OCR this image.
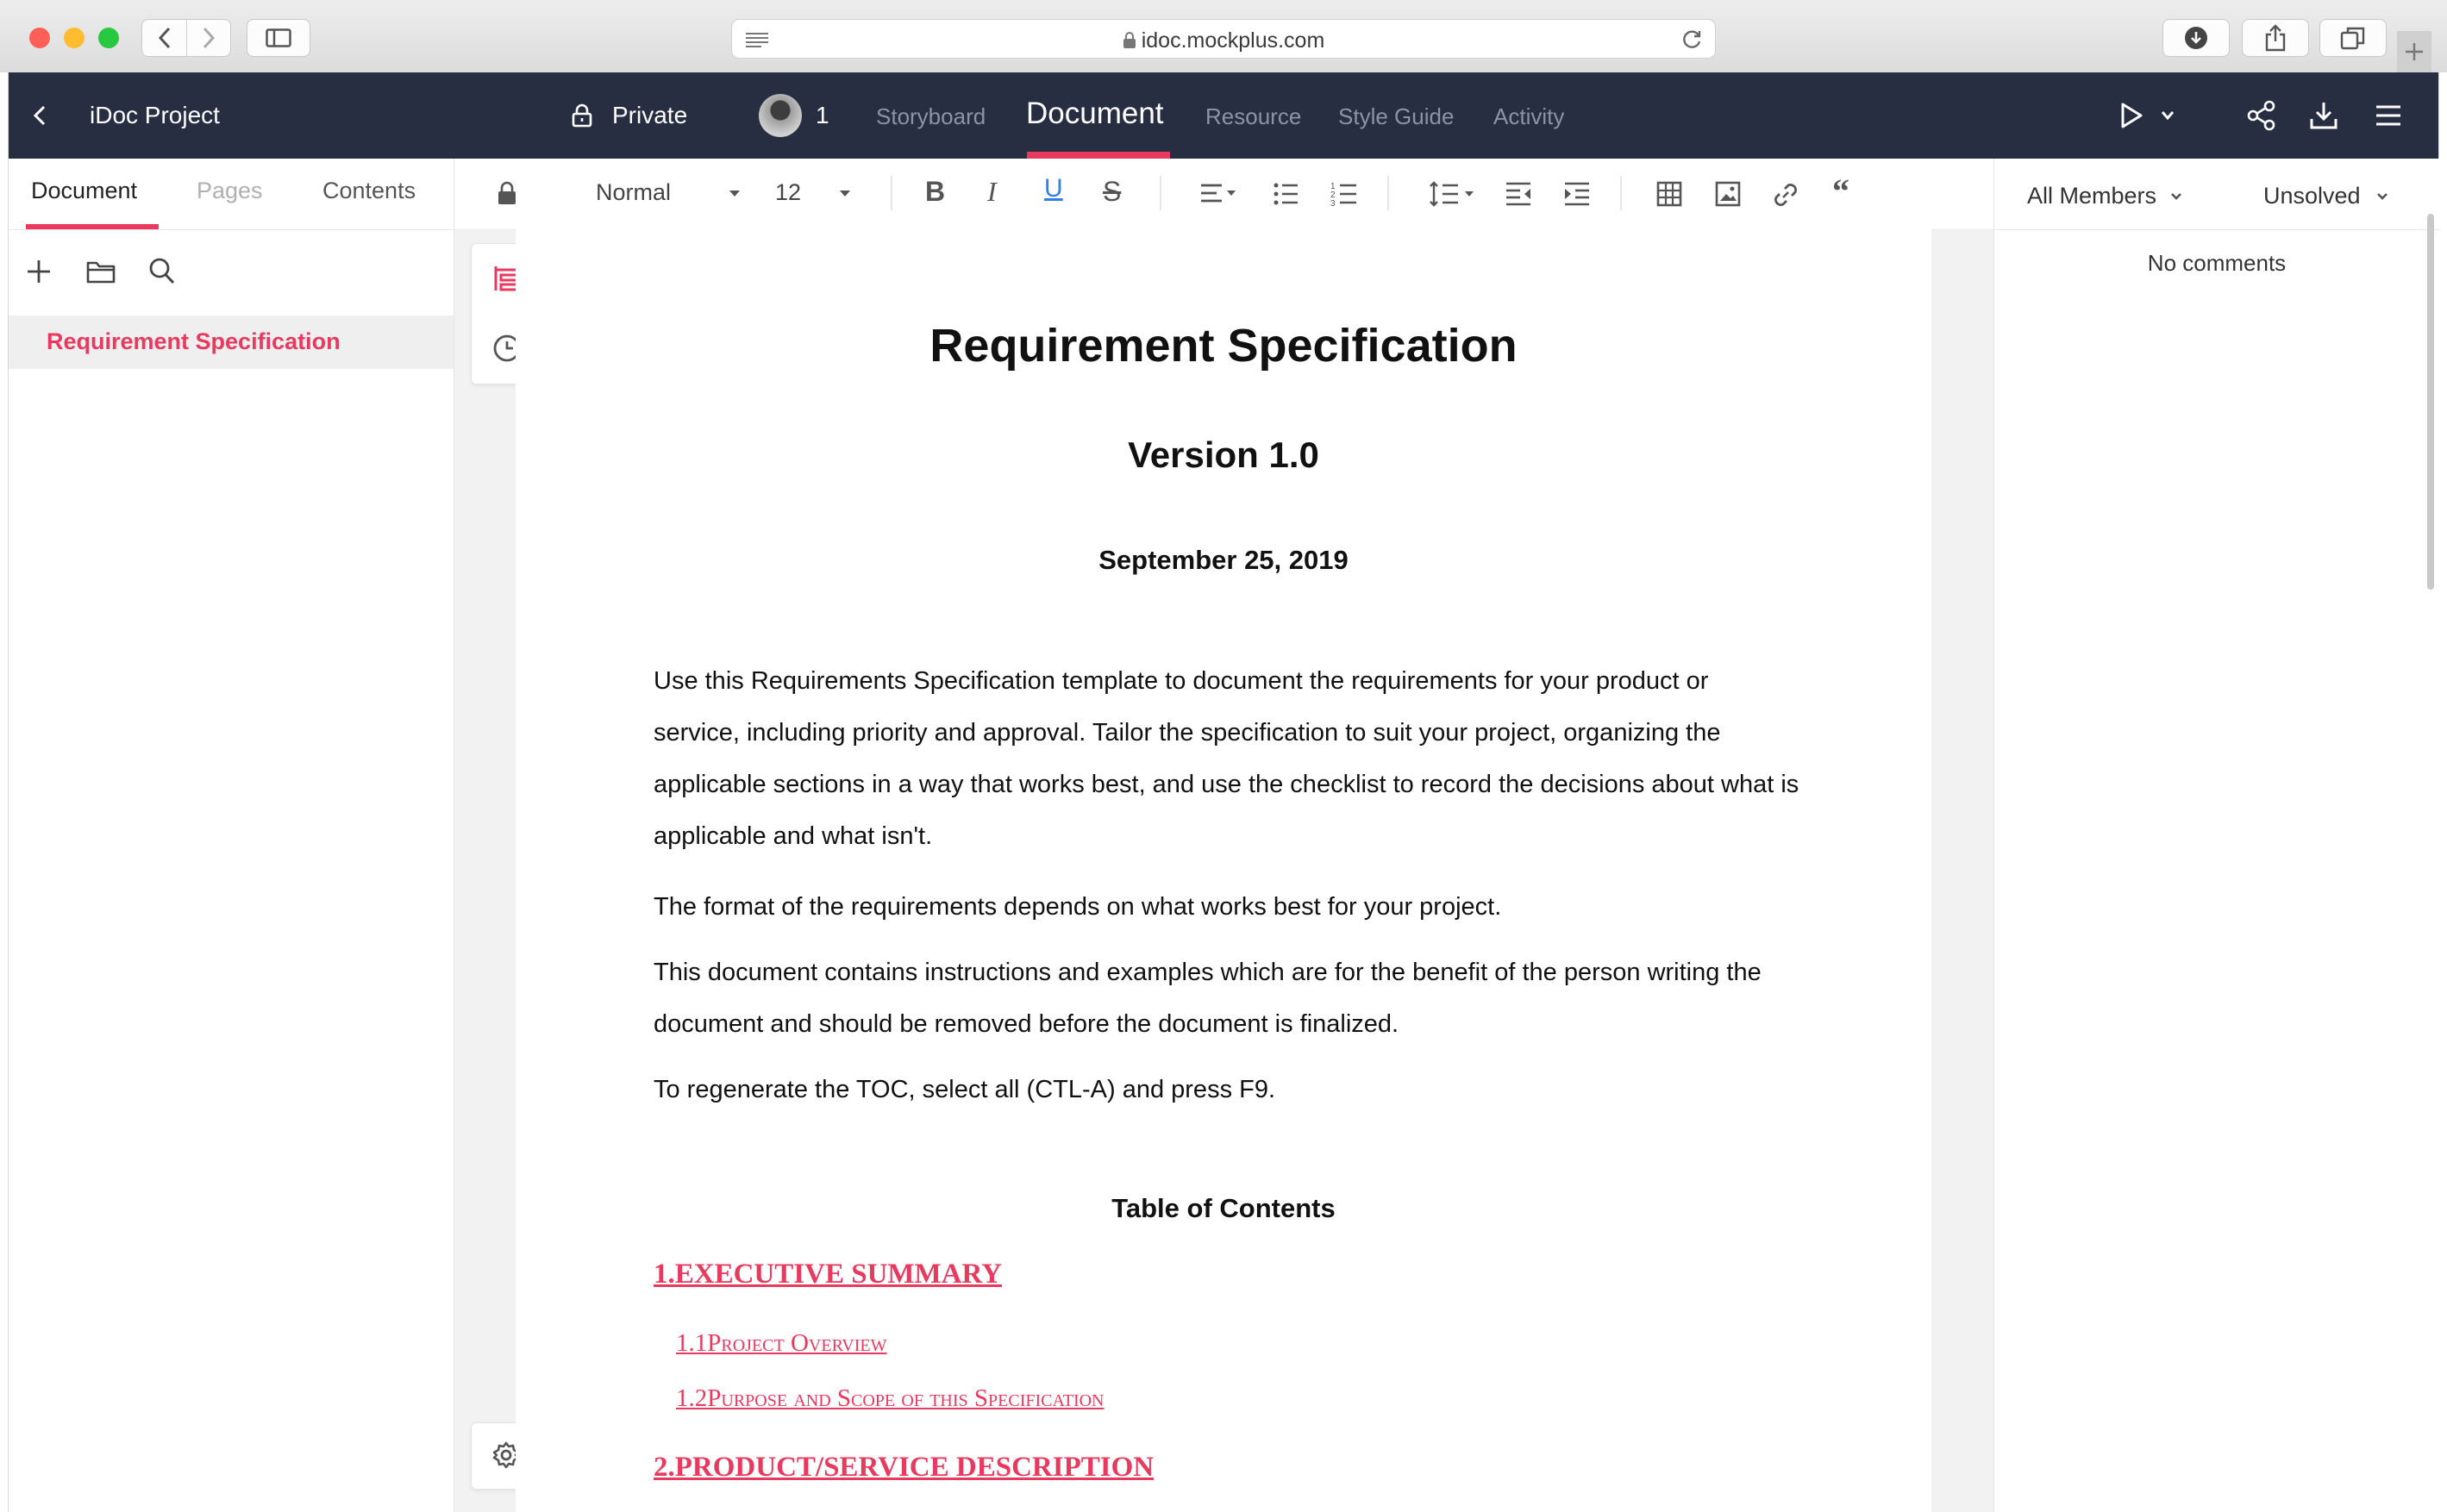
idoc.mockplus.com
iDoc Project	Private	1 Storyboard Document Resource Style Guide Activity
Document	Pages	Contents
Requirement Specification
Normal	12	B I U S	1
2
3	“
Requirement Specification
Version 1.0
September 25, 2019
Use this Requirements Specification template to document the requirements for your product or service, including priority and approval. Tailor the specification to suit your project, organizing the applicable sections in a way that works best, and use the checklist to record the decisions about what is applicable and what isn't.
The format of the requirements depends on what works best for your project.
This document contains instructions and examples which are for the benefit of the person writing the document and should be removed before the document is finalized.
To regenerate the TOC, select all (CTL-A) and press F9.
Table of Contents
1.EXECUTIVE SUMMARY
1.1Project Overview
1.2Purpose and Scope of this Specification
2.PRODUCT/SERVICE DESCRIPTION
All Members	Unsolved
No comments
